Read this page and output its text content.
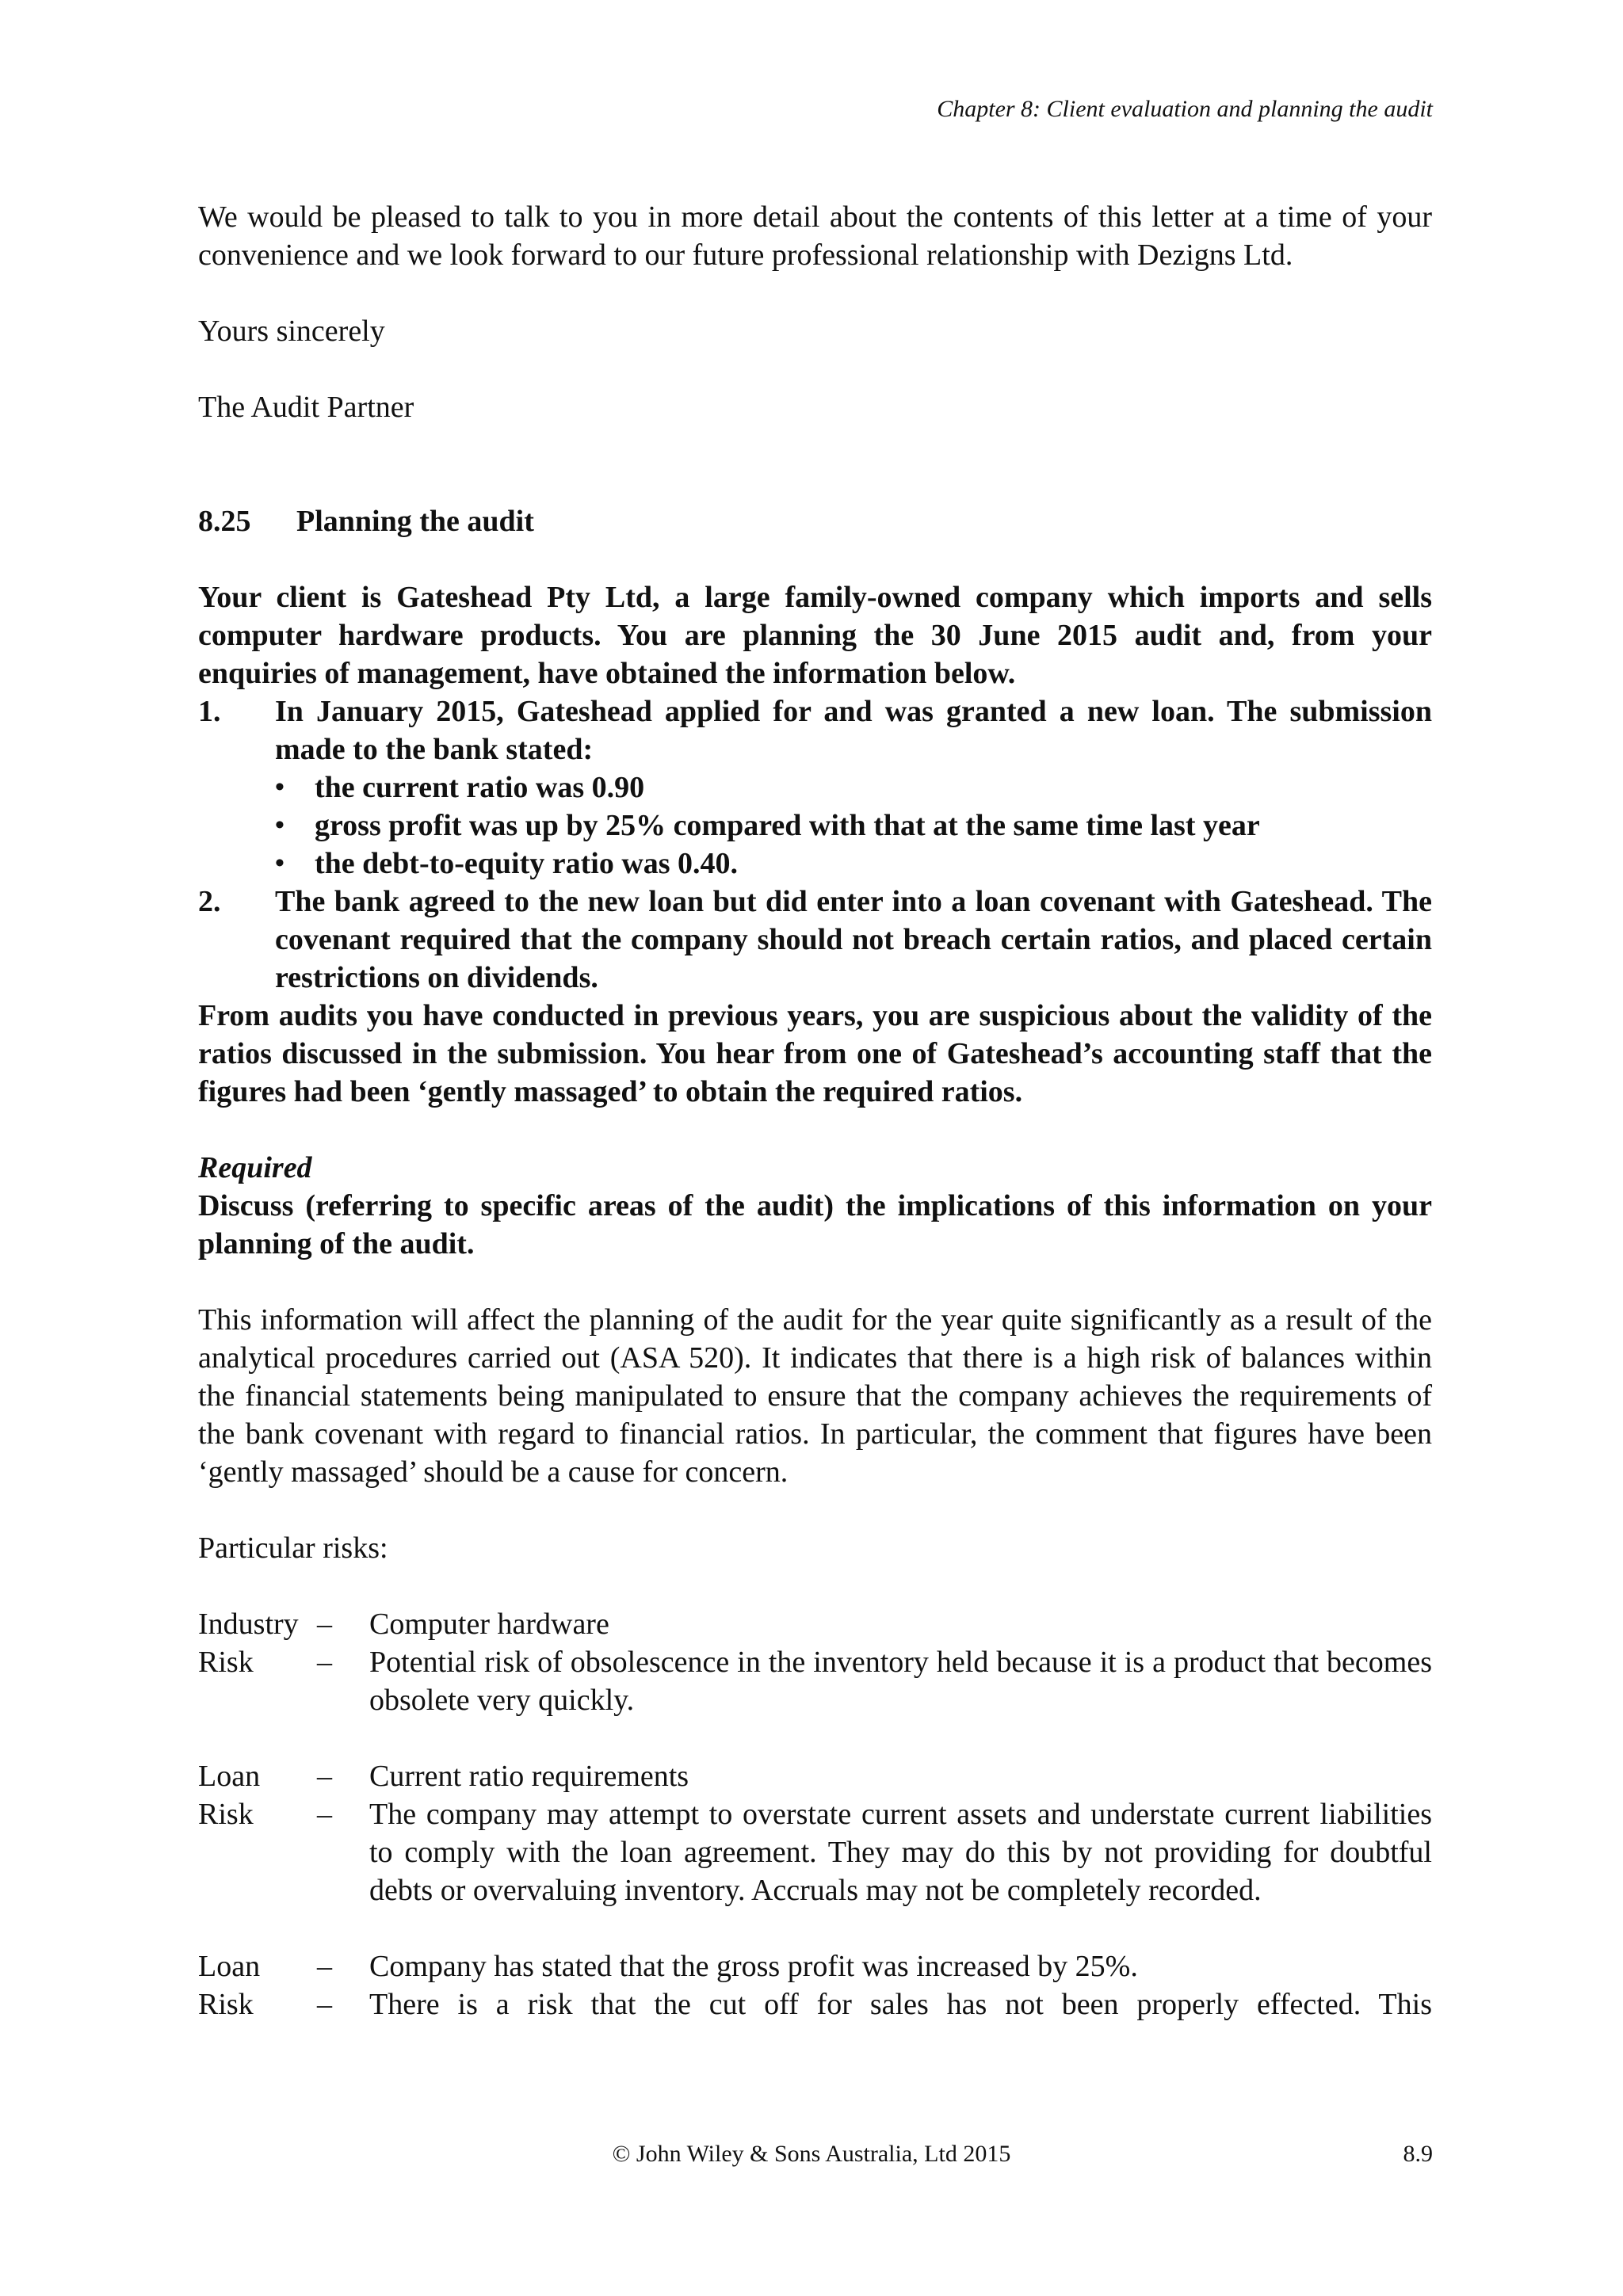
Chapter 8: Client evaluation and planning the audit

We would be pleased to talk to you in more detail about the contents of this letter at a time of your convenience and we look forward to our future professional relationship with Dezigns Ltd.

Yours sincerely

The Audit Partner

8.25	Planning the audit

Your client is Gateshead Pty Ltd, a large family-owned company which imports and sells computer hardware products. You are planning the 30 June 2015 audit and, from your enquiries of management, have obtained the information below.

1.	In January 2015, Gateshead applied for and was granted a new loan. The submission made to the bank stated:
•	the current ratio was 0.90
•	gross profit was up by 25% compared with that at the same time last year
•	the debt-to-equity ratio was 0.40.
2.	The bank agreed to the new loan but did enter into a loan covenant with Gateshead. The covenant required that the company should not breach certain ratios, and placed certain restrictions on dividends.

From audits you have conducted in previous years, you are suspicious about the validity of the ratios discussed in the submission. You hear from one of Gateshead’s accounting staff that the figures had been ‘gently massaged’ to obtain the required ratios.

Required

Discuss (referring to specific areas of the audit) the implications of this information on your planning of the audit.

This information will affect the planning of the audit for the year quite significantly as a result of the analytical procedures carried out (ASA 520). It indicates that there is a high risk of balances within the financial statements being manipulated to ensure that the company achieves the requirements of the bank covenant with regard to financial ratios. In particular, the comment that figures have been ‘gently massaged’ should be a cause for concern.

Particular risks:

Industry –	Computer hardware
Risk	–	Potential risk of obsolescence in the inventory held because it is a product that becomes obsolete very quickly.
Loan	–	Current ratio requirements
Risk	–	The company may attempt to overstate current assets and understate current liabilities to comply with the loan agreement. They may do this by not providing for doubtful debts or overvaluing inventory. Accruals may not be completely recorded.
Loan	–	Company has stated that the gross profit was increased by 25%.
Risk	–	There is a risk that the cut off for sales has not been properly effected. This
© John Wiley & Sons Australia, Ltd 2015	8.9
